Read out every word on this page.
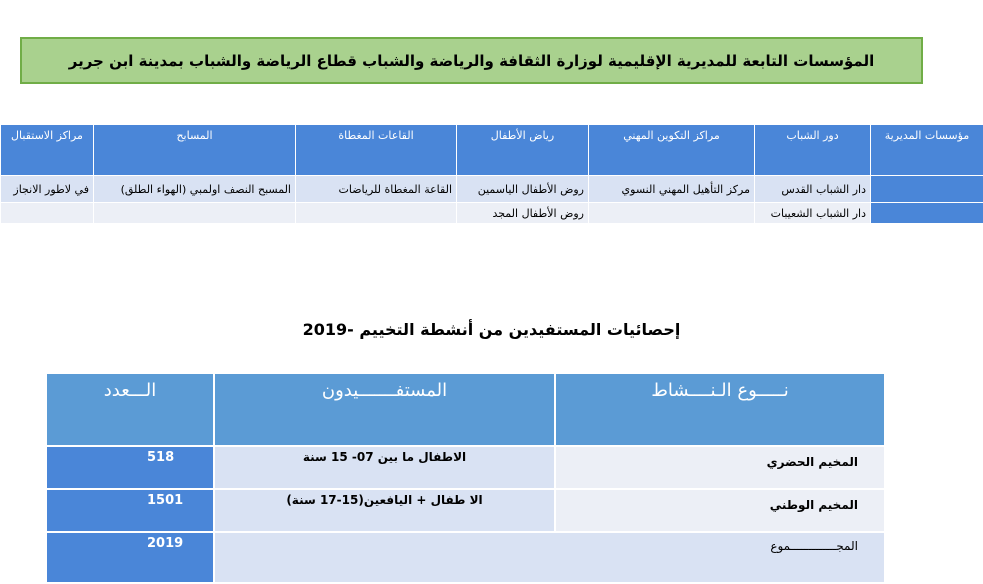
المؤسسات التابعة للمديرية الإقليمية لوزارة الثقافة والرياضة والشباب قطاع الرياضة والشباب بمدينة ابن جرير
مراكز الاستقبال	المسابح	القاعات المغطاة	رياض الأطفال	مراكز التكوين المهني	دور الشباب	مؤسسات المديرية
في لاطور الانجاز	المسبح النصف اولمبي (الهواء الطلق)	القاعة المغطاة للرياضات	روض الأطفال الياسمين	مركز التأهيل المهني النسوي	دار الشباب القدس	
			روض الأطفال المجد		دار الشباب الشعيبات	
إحصائيات المستفيدين من أنشطة التخييم -2019
الـــعدد	المستفـــــــيدون	نـــــوع الـنــــشاط
518	الاطفال ما بين 07- 15 سنة	المخيم الحضري
1501	الا طفال + اليافعين(15-17 سنة)	المخيم الوطني
2019	المجـــــــــــــموع	
